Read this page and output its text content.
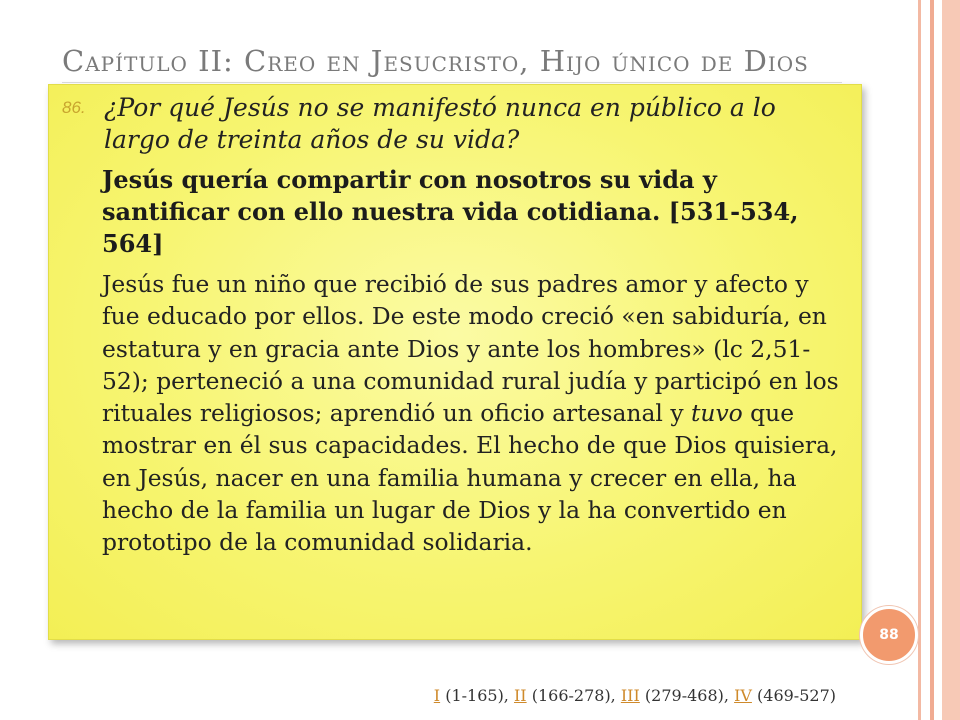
Capítulo II: Creo en Jesucristo, Hijo único de Dios
86. ¿Por qué Jesús no se manifestó nunca en público a lo largo de treinta años de su vida?
Jesús quería compartir con nosotros su vida y santificar con ello nuestra vida cotidiana. [531-534, 564]
Jesús fue un niño que recibió de sus padres amor y afecto y fue educado por ellos. De este modo creció «en sabiduría, en estatura y en gracia ante Dios y ante los hombres» (lc 2,51-52); perteneció a una comunidad rural judía y participó en los rituales religiosos; aprendió un oficio artesanal y tuvo que mostrar en él sus capacidades. El hecho de que Dios quisiera, en Jesús, nacer en una familia humana y crecer en ella, ha hecho de la familia un lugar de Dios y la ha convertido en prototipo de la comunidad solidaria.
88
I (1-165), II (166-278), III (279-468), IV (469-527)
